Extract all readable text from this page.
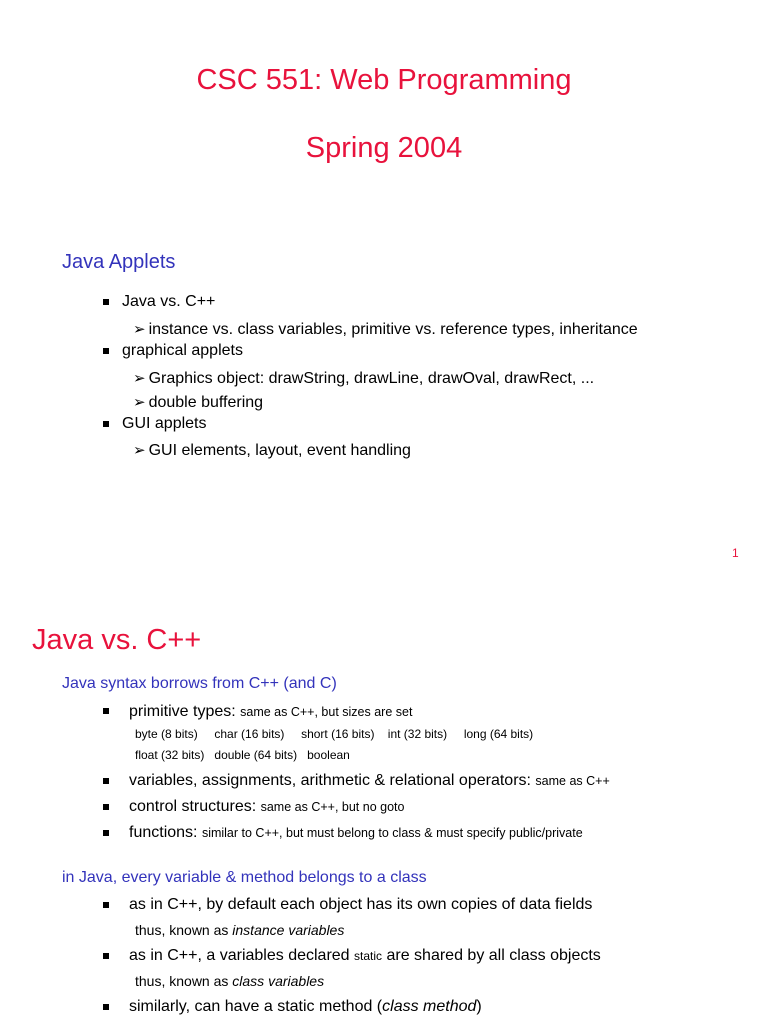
CSC 551: Web Programming
Spring 2004
Java Applets
Java vs. C++
➢ instance vs. class variables, primitive vs. reference types, inheritance
graphical applets
➢ Graphics object: drawString, drawLine, drawOval, drawRect, ...
➢ double buffering
GUI applets
➢ GUI elements, layout, event handling
1
Java vs. C++
Java syntax borrows from C++ (and C)
primitive types: same as C++, but sizes are set
byte (8 bits) char (16 bits) short (16 bits) int (32 bits) long (64 bits)
float (32 bits) double (64 bits) boolean
variables, assignments, arithmetic & relational operators: same as C++
control structures: same as C++, but no goto
functions: similar to C++, but must belong to class & must specify public/private
in Java, every variable & method belongs to a class
as in C++, by default each object has its own copies of data fields
thus, known as instance variables
as in C++, a variables declared static are shared by all class objects
thus, known as class variables
similarly, can have a static method (class method)
